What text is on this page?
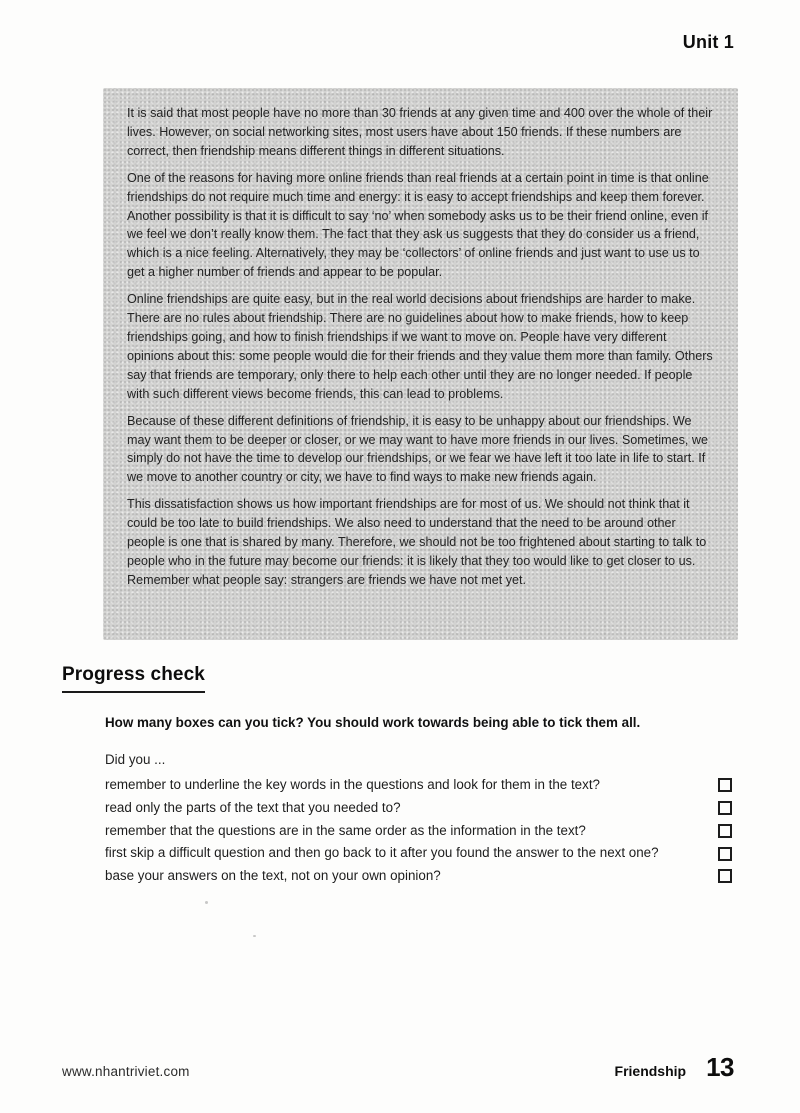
Unit 1

It is said that most people have no more than 30 friends at any given time and 400 over the whole of their lives. However, on social networking sites, most users have about 150 friends. If these numbers are correct, then friendship means different things in different situations.

One of the reasons for having more online friends than real friends at a certain point in time is that online friendships do not require much time and energy: it is easy to accept friendships and keep them forever. Another possibility is that it is difficult to say ‘no’ when somebody asks us to be their friend online, even if we feel we don’t really know them. The fact that they ask us suggests that they do consider us a friend, which is a nice feeling. Alternatively, they may be ‘collectors’ of online friends and just want to use us to get a higher number of friends and appear to be popular.

Online friendships are quite easy, but in the real world decisions about friendships are harder to make. There are no rules about friendship. There are no guidelines about how to make friends, how to keep friendships going, and how to finish friendships if we want to move on. People have very different opinions about this: some people would die for their friends and they value them more than family. Others say that friends are temporary, only there to help each other until they are no longer needed. If people with such different views become friends, this can lead to problems.

Because of these different definitions of friendship, it is easy to be unhappy about our friendships. We may want them to be deeper or closer, or we may want to have more friends in our lives. Sometimes, we simply do not have the time to develop our friendships, or we fear we have left it too late in life to start. If we move to another country or city, we have to find ways to make new friends again.

This dissatisfaction shows us how important friendships are for most of us. We should not think that it could be too late to build friendships. We also need to understand that the need to be around other people is one that is shared by many. Therefore, we should not be too frightened about starting to talk to people who in the future may become our friends: it is likely that they too would like to get closer to us. Remember what people say: strangers are friends we have not met yet.

Progress check

How many boxes can you tick? You should work towards being able to tick them all.

Did you ...

remember to underline the key words in the questions and look for them in the text?
read only the parts of the text that you needed to?
remember that the questions are in the same order as the information in the text?
first skip a difficult question and then go back to it after you found the answer to the next one?
base your answers on the text, not on your own opinion?
www.nhantriviet.com	Friendship 13
